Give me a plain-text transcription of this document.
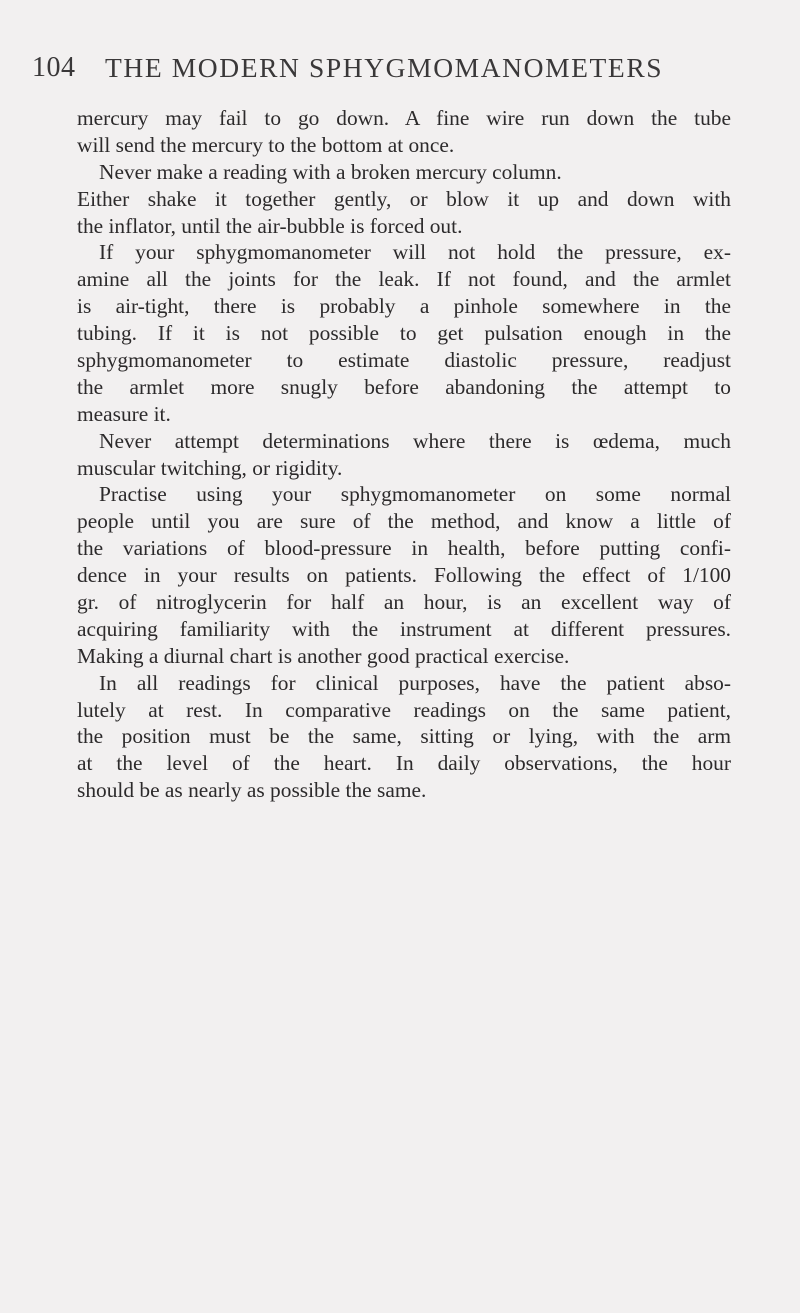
104 THE MODERN SPHYGMOMANOMETERS
mercury may fail to go down. A fine wire run down the tube
will send the mercury to the bottom at once.
Never make a reading with a broken mercury column.
Either shake it together gently, or blow it up and down with
the inflator, until the air-bubble is forced out.
If your sphygmomanometer will not hold the pressure, ex-
amine all the joints for the leak. If not found, and the armlet
is air-tight, there is probably a pinhole somewhere in the
tubing. If it is not possible to get pulsation enough in the
sphygmomanometer to estimate diastolic pressure, readjust
the armlet more snugly before abandoning the attempt to
measure it.
Never attempt determinations where there is œdema, much
muscular twitching, or rigidity.
Practise using your sphygmomanometer on some normal
people until you are sure of the method, and know a little of
the variations of blood-pressure in health, before putting confi-
dence in your results on patients. Following the effect of 1/100
gr. of nitroglycerin for half an hour, is an excellent way of
acquiring familiarity with the instrument at different pressures.
Making a diurnal chart is another good practical exercise.
In all readings for clinical purposes, have the patient abso-
lutely at rest. In comparative readings on the same patient,
the position must be the same, sitting or lying, with the arm
at the level of the heart. In daily observations, the hour
should be as nearly as possible the same.
